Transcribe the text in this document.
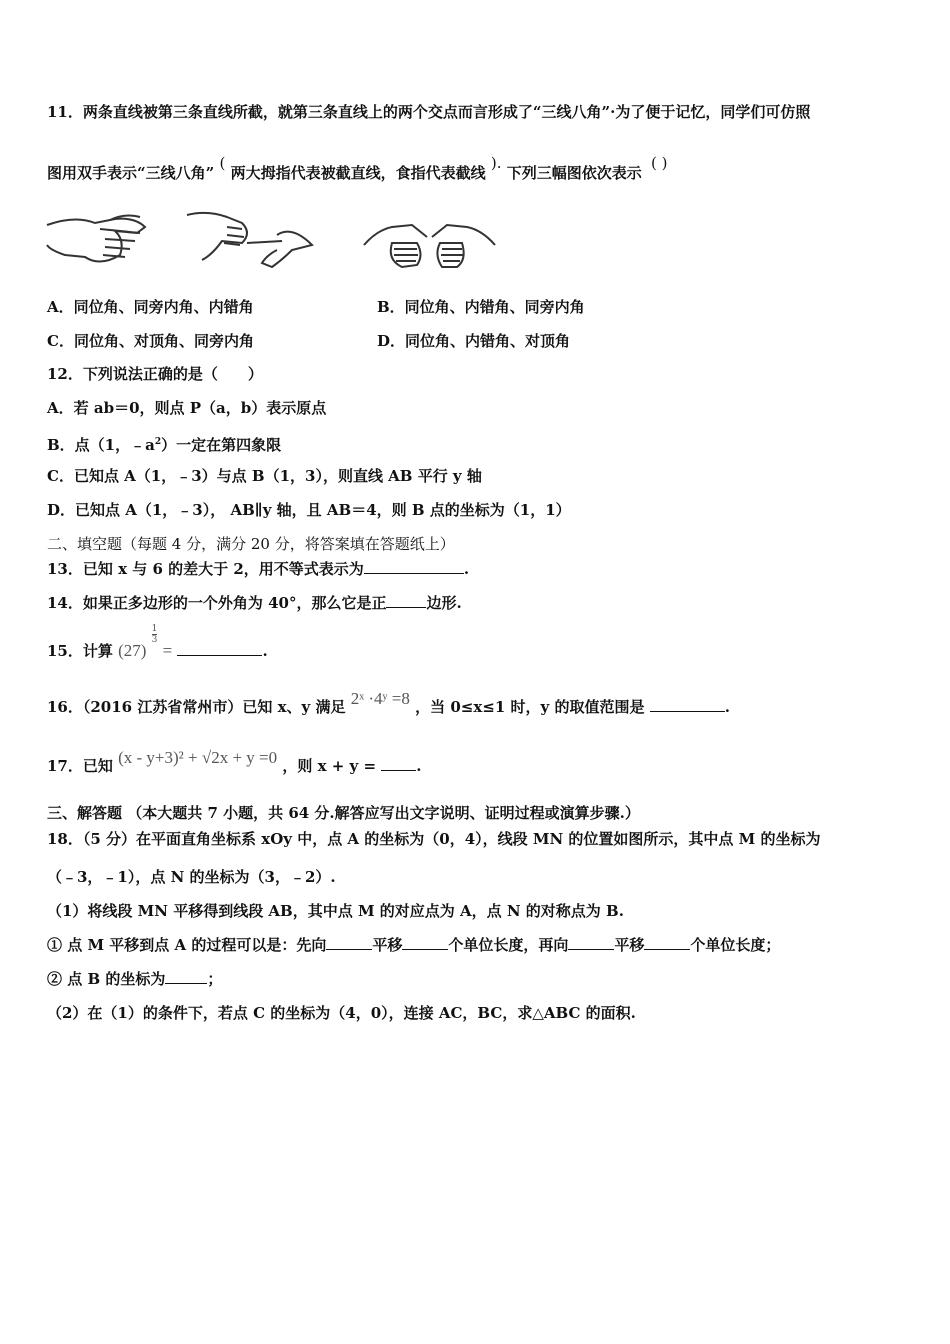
11．两条直线被第三条直线所截，就第三条直线上的两个交点而言形成了“三线八角”·为了便于记忆，同学们可仿照
图用双手表示“三线八角” ( 两大拇指代表被截直线，食指代表截线 ). 下列三幅图依次表示 ( )
A．同位角、同旁内角、内错角	B．同位角、内错角、同旁内角
C．同位角、对顶角、同旁内角	D．同位角、内错角、对顶角
12．下列说法正确的是（　　）
A．若 ab＝0，则点 P（a，b）表示原点
B．点（1，$﹣a^2$）一定在第四象限
C．已知点 A（1，﹣3）与点 B（1，3），则直线 AB 平行 y 轴
D．已知点 A（1，﹣3）， AB∥y 轴，且 AB＝4，则 B 点的坐标为（1，1）
二、填空题（每题 4 分，满分 20 分，将答案填在答题纸上）
13．已知 x 与 6 的差大于 2，用不等式表示为	.
14．如果正多边形的一个外角为 40°，那么它是正	边形.
15．计算 (27)
$\frac{1}{3}$
=	.
16．（2016 江苏省常州市）已知 x、y 满足 2ˣ ·4ʸ =8 ，当 0≤x≤1 时，y 的取值范围是	.
17．已知 (x - y+3)² + √2x + y =0 ，则 x + y = .
三、解答题 （本大题共 7 小题，共 64 分.解答应写出文字说明、证明过程或演算步骤.）
18．（5 分）在平面直角坐标系 xOy 中，点 A 的坐标为（0，4），线段 MN 的位置如图所示，其中点 M 的坐标为
（﹣3，﹣1），点 N 的坐标为（3，﹣2）.
（1）将线段 MN 平移得到线段 AB，其中点 M 的对应点为 A，点 N 的对称点为 B.
① 点 M 平移到点 A 的过程可以是：先向	平移	个单位长度，再向	平移	个单位长度；
② 点 B 的坐标为	；
（2）在（1）的条件下，若点 C 的坐标为（4，0），连接 AC，BC，求△ABC 的面积.
